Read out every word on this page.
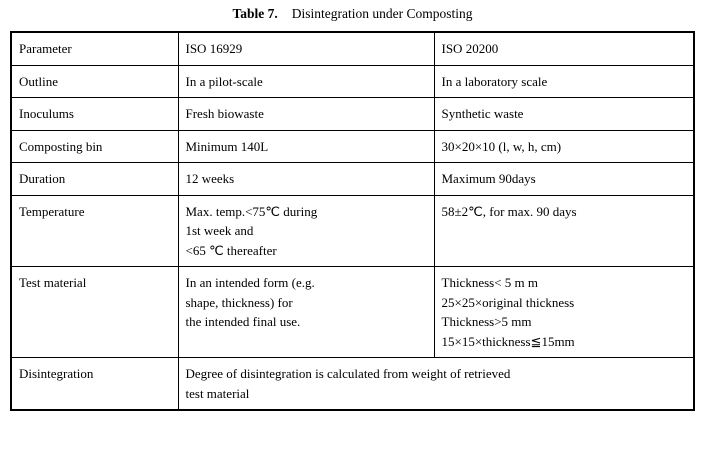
Table 7. Disintegration under Composting
Parameter	ISO 16929	ISO 20200

Outline	In a pilot-scale	In a laboratory scale

Inoculums	Fresh biowaste	Synthetic waste

Composting bin	Minimum 140L	30×20×10 (l, w, h, cm)

Duration	12 weeks	Maximum 90days

Temperature	Max. temp.<75℃ during
1st week and
<65 ℃ thereafter	58±2℃, for max. 90 days

Test material	In an intended form (e.g.
shape, thickness) for
the intended final use.	Thickness< 5 m m
25×25×original thickness
Thickness>5 mm
15×15×thickness≦15mm

Disintegration	Degree of disintegration is calculated from weight of retrieved
test material	
